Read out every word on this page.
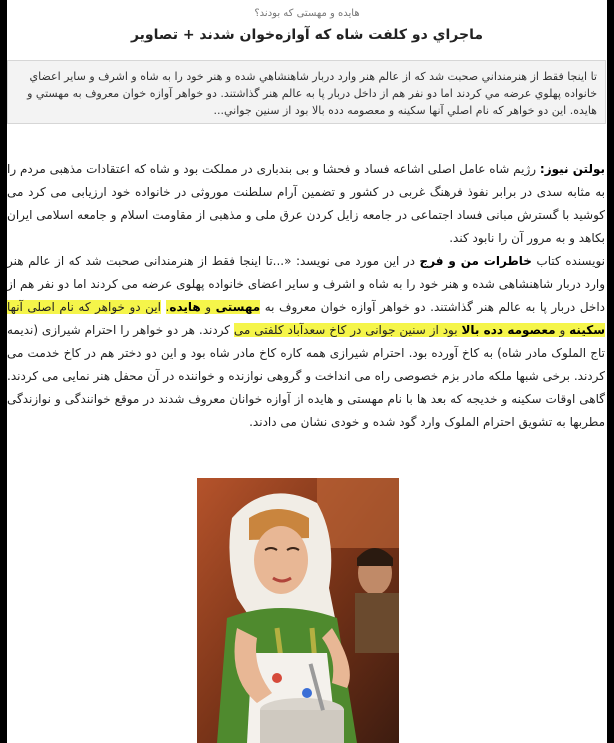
هایده و مهستی که بودند؟
ماجراي دو كلفت شاه كه آوازه‌خوان شدند + تصاوير
تا اينجا فقط از هنرمنداني صحبت شد كه از عالم هنر وارد دربار شاهنشاهي شده و هنر خود را به شاه و اشرف و ساير اعضاي خانواده پهلوي عرضه مي كردند اما دو نفر هم از داخل دربار پا به عالم هنر گذاشتند. دو خواهر آوازه خوان معروف به مهستي و هايده. اين دو خواهر كه نام اصلي آنها سكينه و معصومه دده بالا بود از سنين جواني...
بولتن نیوز: رژیم شاه عامل اصلی اشاعه فساد و فحشا و بی بندباری در مملکت بود و شاه که اعتقادات مذهبی مردم را به مثابه سدی در برابر نفوذ فرهنگ غربی در کشور و تضمین آرام سلطنت موروثی در خانواده خود ارزیابی می کرد می کوشید با گسترش مبانی فساد اجتماعی در جامعه زایل کردن عرق ملی و مذهبی از مقاومت اسلام و جامعه اسلامی ایران بکاهد و به مرور آن را نابود کند.
نویسنده کتاب خاطرات من و فرج در این مورد می نویسد: «...تا اینجا فقط از هنرمندانی صحبت شد که از عالم هنر وارد دربار شاهنشاهی شده و هنر خود را به شاه و اشرف و سایر اعضای خانواده پهلوی عرضه می کردند اما دو نفر هم از داخل دربار پا به عالم هنر گذاشتند. دو خواهر آوازه خوان معروف به مهستی و هایده. این دو خواهر که نام اصلی آنها سکینه و معصومه دده بالا بود از سنین جوانی در کاخ سعدآباد کلفتی می کردند. هر دو خواهر را احترام شیرازی (ندیمه تاج الملوک مادر شاه) به کاخ آورده بود. احترام شیرازی همه کاره کاخ مادر شاه بود و این دو دختر هم در کاخ خدمت می کردند. برخی شبها ملکه مادر بزم خصوصی راه می انداخت و گروهی نوازنده و خواننده در آن محفل هنر نمایی می کردند. گاهی اوقات سکینه و خدیجه که بعد ها با نام مهستی و هایده از آوازه خوانان معروف شدند در موقع خوانندگی و نوازندگی مطربها به تشویق احترام الملوک وارد گود شده و خودی نشان می دادند.
